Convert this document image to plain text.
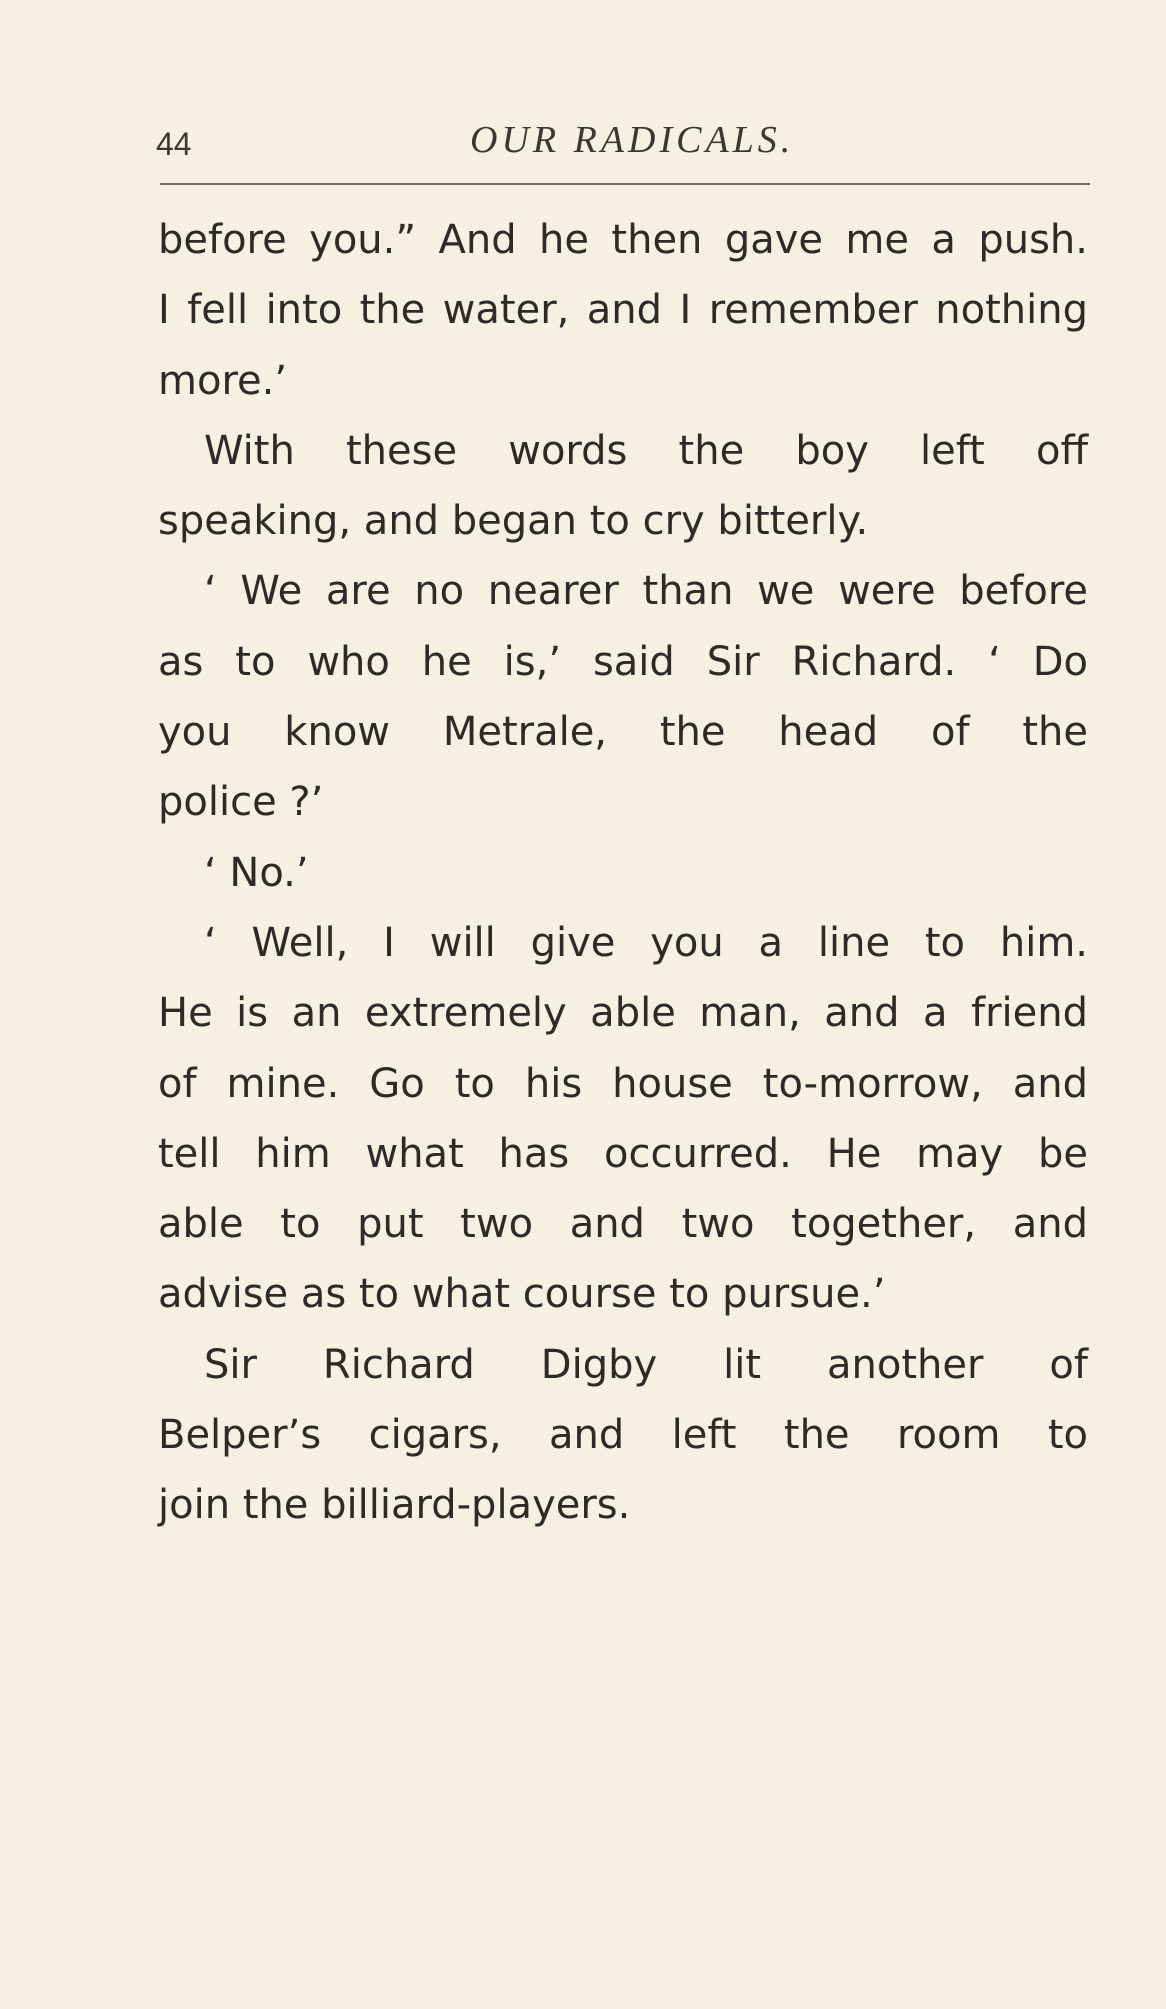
44	OUR RADICALS.
before you.” And he then gave me a push.
I fell into the water, and I remember nothing
more.’
With these words the boy left off
speaking, and began to cry bitterly.
‘ We are no nearer than we were before
as to who he is,’ said Sir Richard. ‘ Do
you know Metrale, the head of the
police ?’
‘ No.’
‘ Well, I will give you a line to him.
He is an extremely able man, and a friend
of mine. Go to his house to-morrow, and
tell him what has occurred. He may be
able to put two and two together, and
advise as to what course to pursue.’
Sir Richard Digby lit another of
Belper’s cigars, and left the room to
join the billiard-players.
